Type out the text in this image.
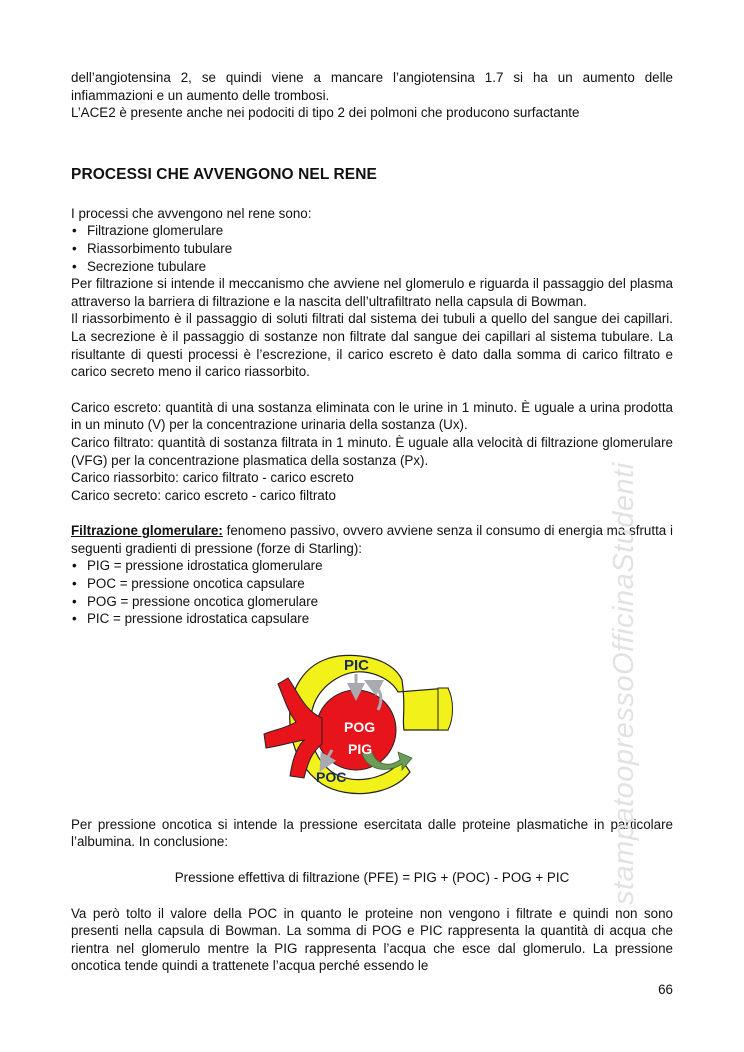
dell’angiotensina 2, se quindi viene a mancare l’angiotensina 1.7 si ha un aumento delle infiammazioni e un aumento delle trombosi.

L’ACE2 è presente anche nei podociti di tipo 2 dei polmoni che producono surfactante

PROCESSI CHE AVVENGONO NEL RENE

I processi che avvengono nel rene sono:

• Filtrazione glomerulare
• Riassorbimento tubulare
• Secrezione tubulare

Per filtrazione si intende il meccanismo che avviene nel glomerulo e riguarda il passaggio del plasma attraverso la barriera di filtrazione e la nascita dell’ultrafiltrato nella capsula di Bowman.

Il riassorbimento è il passaggio di soluti filtrati dal sistema dei tubuli a quello del sangue dei capillari. La secrezione è il passaggio di sostanze non filtrate dal sangue dei capillari al sistema tubulare. La risultante di questi processi è l’escrezione, il carico escreto è dato dalla somma di carico filtrato e carico secreto meno il carico riassorbito.

Carico escreto: quantità di una sostanza eliminata con le urine in 1 minuto. È uguale a urina prodotta in un minuto (V) per la concentrazione urinaria della sostanza (Ux).

Carico filtrato: quantità di sostanza filtrata in 1 minuto. È uguale alla velocità di filtrazione glomerulare (VFG) per la concentrazione plasmatica della sostanza (Px).

Carico riassorbito: carico filtrato - carico escreto

Carico secreto: carico escreto - carico filtrato

Filtrazione glomerulare: fenomeno passivo, ovvero avviene senza il consumo di energia ma sfrutta i seguenti gradienti di pressione (forze di Starling):

• PIG = pressione idrostatica glomerulare
• POC = pressione oncotica capsulare
• POG = pressione oncotica glomerulare
• PIC = pressione idrostatica capsulare
PIC
POG
PIG
POC

Per pressione oncotica si intende la pressione esercitata dalle proteine plasmatiche in particolare l’albumina. In conclusione:

Pressione effettiva di filtrazione (PFE) = PIG + (POC) - POG + PIC

Va però tolto il valore della POC in quanto le proteine non vengono i filtrate e quindi non sono presenti nella capsula di Bowman. La somma di POG e PIC rappresenta la quantità di acqua che rientra nel glomerulo mentre la PIG rappresenta l’acqua che esce dal glomerulo. La pressione oncotica tende quindi a trattenete l’acqua perché essendo le

66
stampatoopressoOfficinaStudenti
